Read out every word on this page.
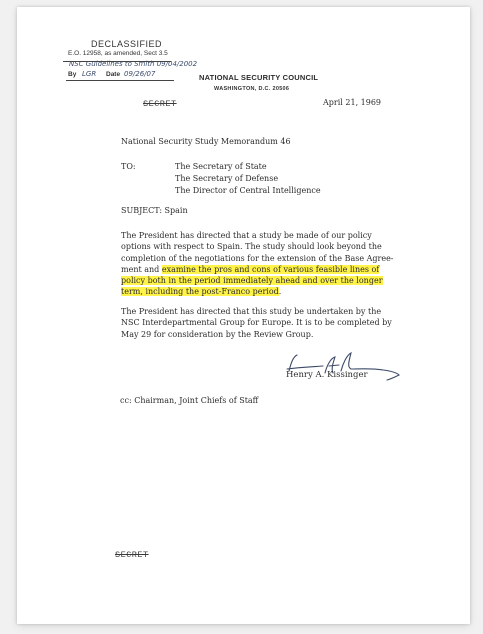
DECLASSIFIED
E.O. 12958, as amended, Sect 3.5
NSC Guidelines to Smith 09/04/2002
By LGR Date 09/26/07	NATIONAL SECURITY COUNCIL
WASHINGTON, D.C. 20506
SECRET	April 21, 1969
National Security Study Memorandum 46
TO:	The Secretary of State
The Secretary of Defense
The Director of Central Intelligence
SUBJECT: Spain
The President has directed that a study be made of our policy
options with respect to Spain. The study should look beyond the
completion of the negotiations for the extension of the Base Agree-
ment and examine the pros and cons of various feasible lines of
policy both in the period immediately ahead and over the longer
term, including the post-Franco period.
The President has directed that this study be undertaken by the
NSC Interdepartmental Group for Europe. It is to be completed by
May 29 for consideration by the Review Group.
Henry A. Kissinger
cc: Chairman, Joint Chiefs of Staff
SECRET
